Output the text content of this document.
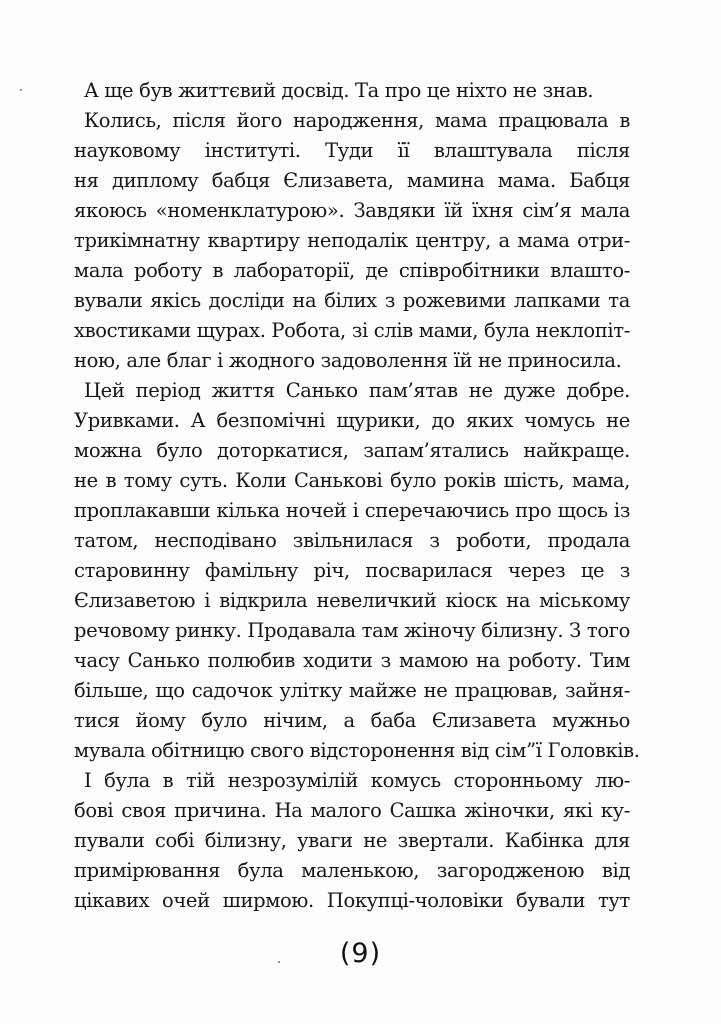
А ще був життєвий досвід. Та про це ніхто не знав.
Колись, після його народження, мама працювала в
науковому інституті. Туди її влаштувала після
ня диплому бабця Єлизавета, мамина мама. Бабця
якоюсь «номенклатурою». Завдяки їй їхня сім’я мала
трикімнатну квартиру неподалік центру, а мама отри-
мала роботу в лабораторії, де співробітники влашто-
вували якісь досліди на білих з рожевими лапками та
хвостиками щурах. Робота, зі слів мами, була неклопіт-
ною, але благ і жодного задоволення їй не приносила.
Цей період життя Санько пам’ятав не дуже добре.
Уривками. А безпомічні щурики, до яких чомусь не
можна було доторкатися, запам’ятались найкраще.
не в тому суть. Коли Санькові було років шість, мама,
проплакавши кілька ночей і сперечаючись про щось із
татом, несподівано звільнилася з роботи, продала
старовинну фамільну річ, посварилася через це з
Єлизаветою і відкрила невеличкий кіоск на міському
речовому ринку. Продавала там жіночу білизну. З того
часу Санько полюбив ходити з мамою на роботу. Тим
більше, що садочок улітку майже не працював, зайня-
тися йому було нічим, а баба Єлизавета мужньо
мувала обітницю свого відсторонення від сім”ї Головків.
І була в тій незрозумілій комусь сторонньому лю-
бові своя причина. На малого Сашка жіночки, які ку-
пували собі білизну, уваги не звертали. Кабінка для
примірювання була маленькою, загородженою від
цікавих очей ширмою. Покупці-чоловіки бували тут
(9)
